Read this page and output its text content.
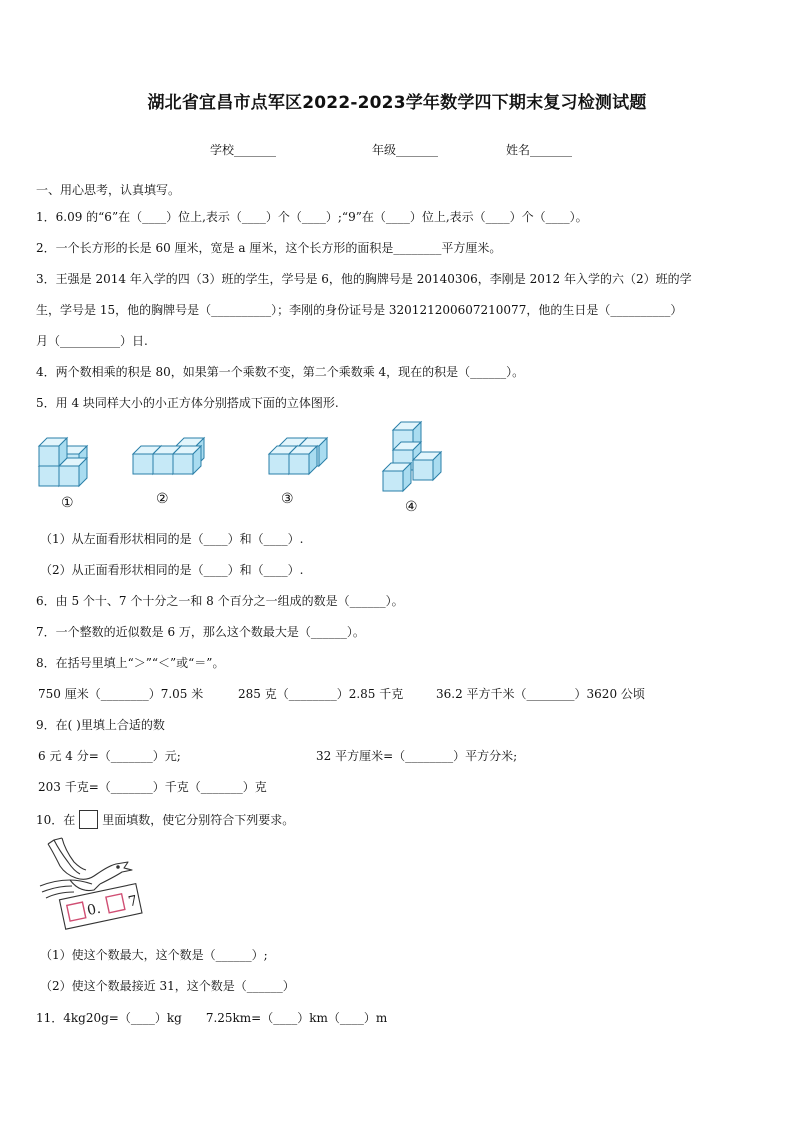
湖北省宜昌市点军区2022-2023学年数学四下期末复习检测试题
学校_______	年级_______	姓名_______
一、用心思考，认真填写。
1．6.09 的“6”在（____）位上,表示（____）个（____）;“9”在（____）位上,表示（____）个（____）。
2．一个长方形的长是 60 厘米，宽是 a 厘米，这个长方形的面积是________平方厘米。
3．王强是 2014 年入学的四（3）班的学生，学号是 6，他的胸牌号是 20140306，李刚是 2012 年入学的六（2）班的学
生，学号是 15，他的胸牌号是（__________）；李刚的身份证号是 320121200607210077，他的生日是（__________）
月（__________）日.
4．两个数相乘的积是 80，如果第一个乘数不变，第二个乘数乘 4，现在的积是（______）。
5．用 4 块同样大小的小正方体分别搭成下面的立体图形.
①	②	③	④
（1）从左面看形状相同的是（____）和（____）.
（2）从正面看形状相同的是（____）和（____）.
6．由 5 个十、7 个十分之一和 8 个百分之一组成的数是（______）。
7．一个整数的近似数是 6 万，那么这个数最大是（______）。
8．在括号里填上“＞”“＜”或“＝”。
750 厘米（________）7.05 米	285 克（________）2.85 千克	36.2 平方千米（________）3620 公顷
9．在( )里填上合适的数
6 元 4 分=（_______）元;	32 平方厘米=（________）平方分米;
203 千克=（_______）千克（_______）克
10．在 里面填数，使它分别符合下列要求。
0. 7
（1）使这个数最大，这个数是（______）;
（2）使这个数最接近 31，这个数是（______）
11．4kg20g=（____）kg　　7.25km=（____）km（____）m
